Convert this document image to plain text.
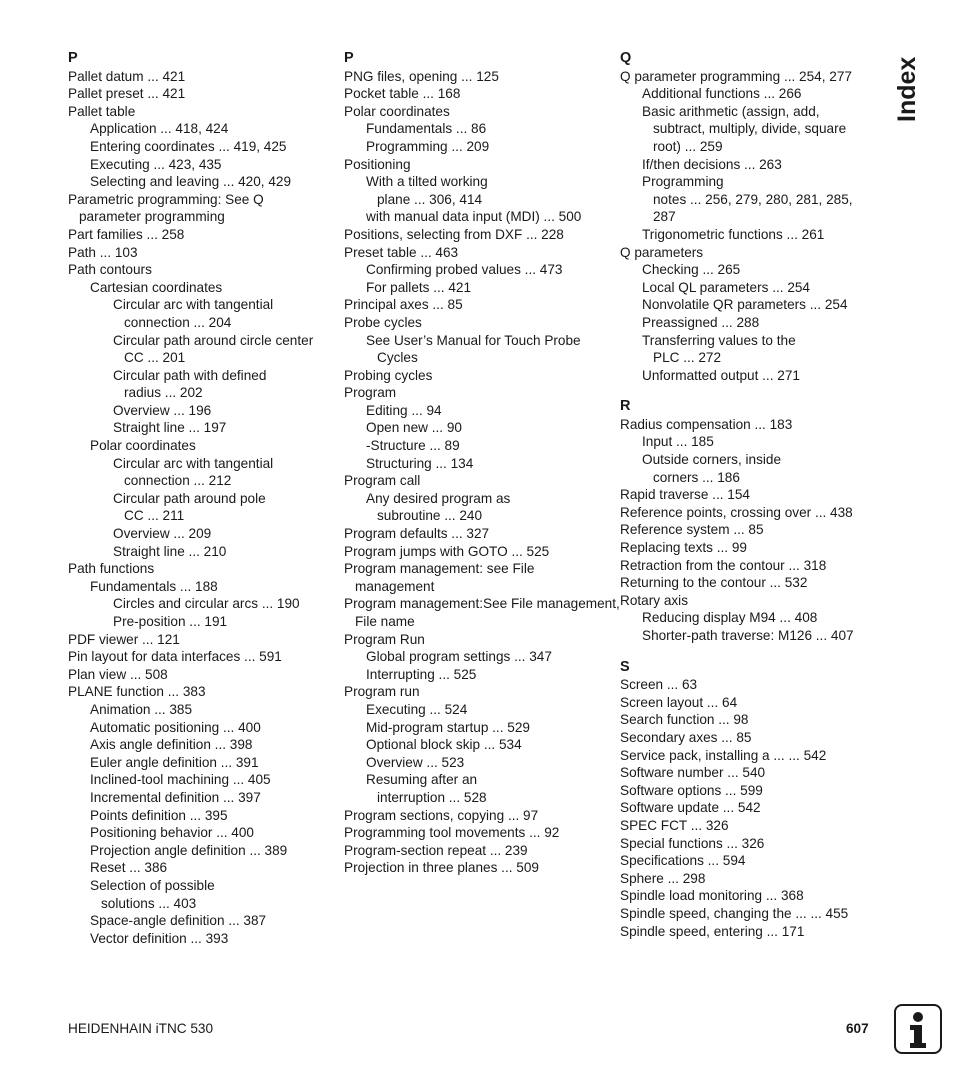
P
Pallet datum ... 421
Pallet preset ... 421
Pallet table
Application ... 418, 424
Entering coordinates ... 419, 425
Executing ... 423, 435
Selecting and leaving ... 420, 429
Parametric programming: See Q
parameter programming
Part families ... 258
Path ... 103
Path contours
Cartesian coordinates
Circular arc with tangential
connection ... 204
Circular path around circle center
CC ... 201
Circular path with defined
radius ... 202
Overview ... 196
Straight line ... 197
Polar coordinates
Circular arc with tangential
connection ... 212
Circular path around pole
CC ... 211
Overview ... 209
Straight line ... 210
Path functions
Fundamentals ... 188
Circles and circular arcs ... 190
Pre-position ... 191
PDF viewer ... 121
Pin layout for data interfaces ... 591
Plan view ... 508
PLANE function ... 383
Animation ... 385
Automatic positioning ... 400
Axis angle definition ... 398
Euler angle definition ... 391
Inclined-tool machining ... 405
Incremental definition ... 397
Points definition ... 395
Positioning behavior ... 400
Projection angle definition ... 389
Reset ... 386
Selection of possible
solutions ... 403
Space-angle definition ... 387
Vector definition ... 393
P
PNG files, opening ... 125
Pocket table ... 168
Polar coordinates
Fundamentals ... 86
Programming ... 209
Positioning
With a tilted working
plane ... 306, 414
with manual data input (MDI) ... 500
Positions, selecting from DXF ... 228
Preset table ... 463
Confirming probed values ... 473
For pallets ... 421
Principal axes ... 85
Probe cycles
See User’s Manual for Touch Probe
Cycles
Probing cycles
Program
Editing ... 94
Open new ... 90
-Structure ... 89
Structuring ... 134
Program call
Any desired program as
subroutine ... 240
Program defaults ... 327
Program jumps with GOTO ... 525
Program management: see File
management
Program management:See File management,
File name
Program Run
Global program settings ... 347
Interrupting ... 525
Program run
Executing ... 524
Mid-program startup ... 529
Optional block skip ... 534
Overview ... 523
Resuming after an
interruption ... 528
Program sections, copying ... 97
Programming tool movements ... 92
Program-section repeat ... 239
Projection in three planes ... 509
Q
Q parameter programming ... 254, 277
Additional functions ... 266
Basic arithmetic (assign, add,
subtract, multiply, divide, square
root) ... 259
If/then decisions ... 263
Programming
notes ... 256, 279, 280, 281, 285,
287
Trigonometric functions ... 261
Q parameters
Checking ... 265
Local QL parameters ... 254
Nonvolatile QR parameters ... 254
Preassigned ... 288
Transferring values to the
PLC ... 272
Unformatted output ... 271
R
Radius compensation ... 183
Input ... 185
Outside corners, inside
corners ... 186
Rapid traverse ... 154
Reference points, crossing over ... 438
Reference system ... 85
Replacing texts ... 99
Retraction from the contour ... 318
Returning to the contour ... 532
Rotary axis
Reducing display M94 ... 408
Shorter-path traverse: M126 ... 407
S
Screen ... 63
Screen layout ... 64
Search function ... 98
Secondary axes ... 85
Service pack, installing a ... ... 542
Software number ... 540
Software options ... 599
Software update ... 542
SPEC FCT ... 326
Special functions ... 326
Specifications ... 594
Sphere ... 298
Spindle load monitoring ... 368
Spindle speed, changing the ... ... 455
Spindle speed, entering ... 171
Index
HEIDENHAIN iTNC 530	607
